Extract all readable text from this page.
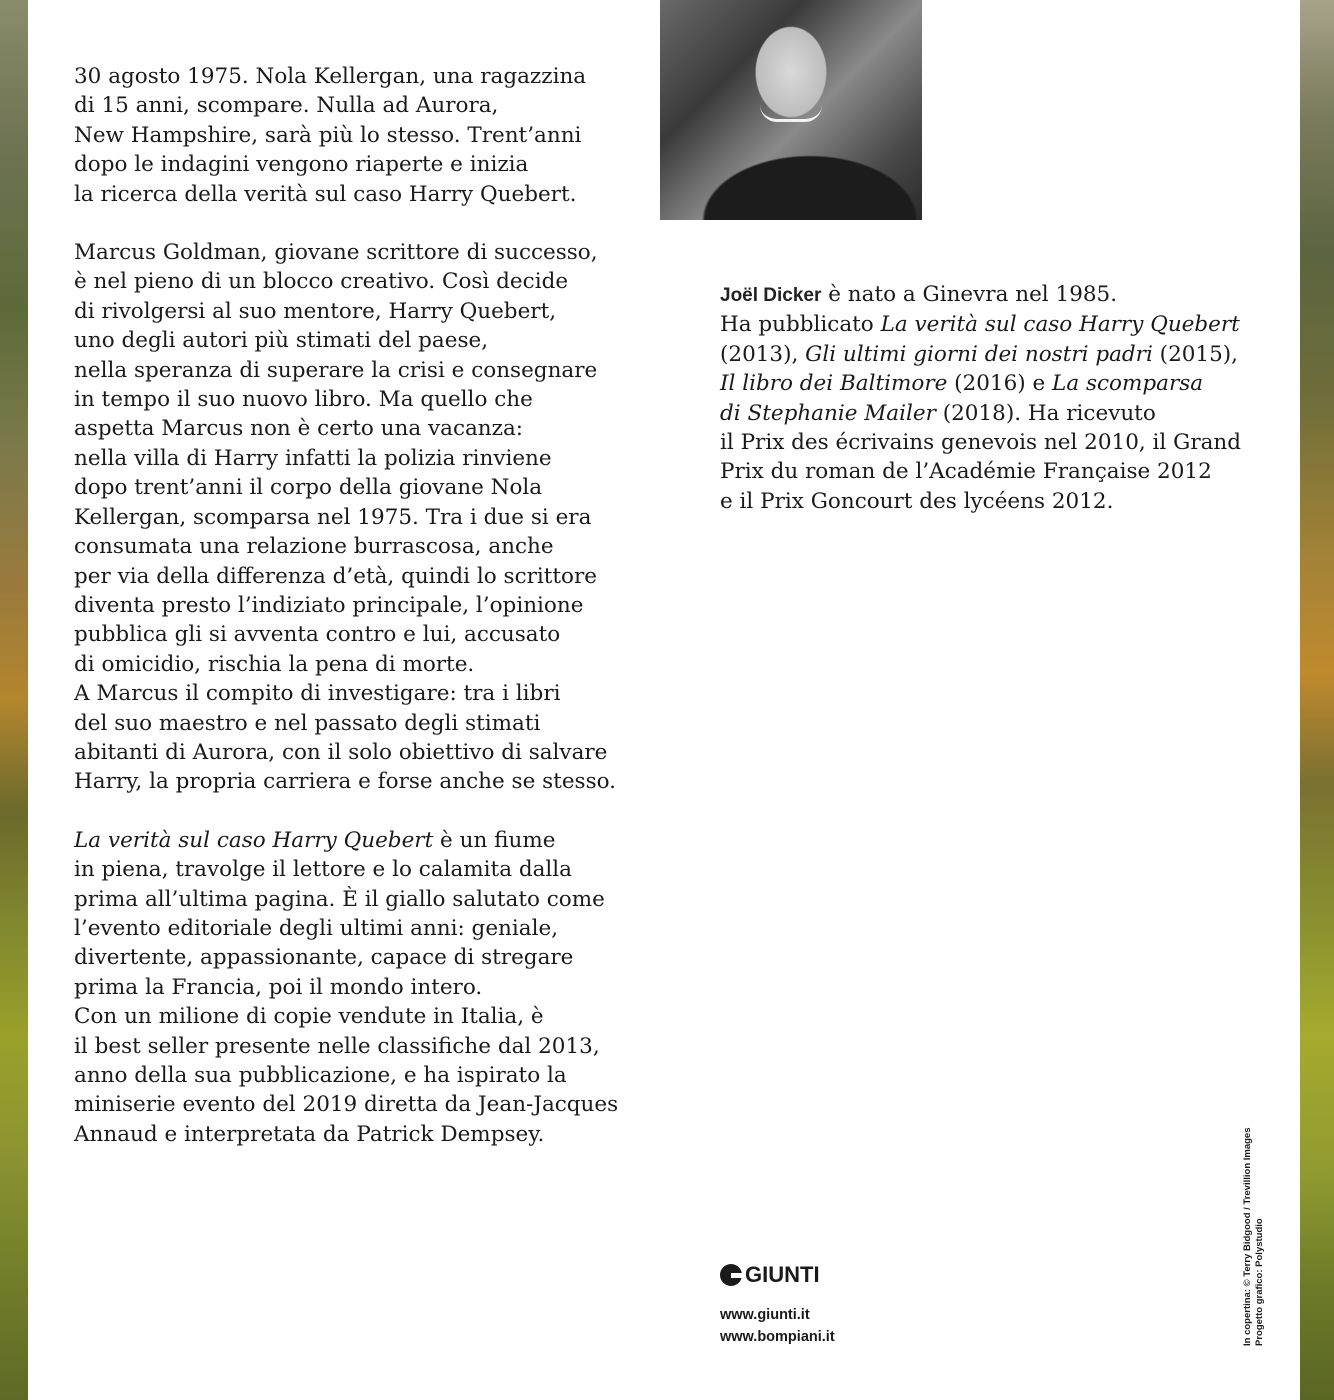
30 agosto 1975. Nola Kellergan, una ragazzina
di 15 anni, scompare. Nulla ad Aurora,
New Hampshire, sarà più lo stesso. Trent’anni
dopo le indagini vengono riaperte e inizia
la ricerca della verità sul caso Harry Quebert.
Marcus Goldman, giovane scrittore di successo,
è nel pieno di un blocco creativo. Così decide
di rivolgersi al suo mentore, Harry Quebert,
uno degli autori più stimati del paese,
nella speranza di superare la crisi e consegnare
in tempo il suo nuovo libro. Ma quello che
aspetta Marcus non è certo una vacanza:
nella villa di Harry infatti la polizia rinviene
dopo trent’anni il corpo della giovane Nola
Kellergan, scomparsa nel 1975. Tra i due si era
consumata una relazione burrascosa, anche
per via della differenza d’età, quindi lo scrittore
diventa presto l’indiziato principale, l’opinione
pubblica gli si avventa contro e lui, accusato
di omicidio, rischia la pena di morte.
A Marcus il compito di investigare: tra i libri
del suo maestro e nel passato degli stimati
abitanti di Aurora, con il solo obiettivo di salvare
Harry, la propria carriera e forse anche se stesso.
La verità sul caso Harry Quebert è un fiume
in piena, travolge il lettore e lo calamita dalla
prima all’ultima pagina. È il giallo salutato come
l’evento editoriale degli ultimi anni: geniale,
divertente, appassionante, capace di stregare
prima la Francia, poi il mondo intero.
Con un milione di copie vendute in Italia, è
il best seller presente nelle classifiche dal 2013,
anno della sua pubblicazione, e ha ispirato la
miniserie evento del 2019 diretta da Jean-Jacques
Annaud e interpretata da Patrick Dempsey.
Joël Dicker è nato a Ginevra nel 1985.
Ha pubblicato La verità sul caso Harry Quebert
(2013), Gli ultimi giorni dei nostri padri (2015),
Il libro dei Baltimore (2016) e La scomparsa
di Stephanie Mailer (2018). Ha ricevuto
il Prix des écrivains genevois nel 2010, il Grand
Prix du roman de l’Académie Française 2012
e il Prix Goncourt des lycéens 2012.
GIUNTI
www.giunti.it
www.bompiani.it	In copertina: © Terry Bidgood / Trevillion Images Progetto grafico: Polystudio
